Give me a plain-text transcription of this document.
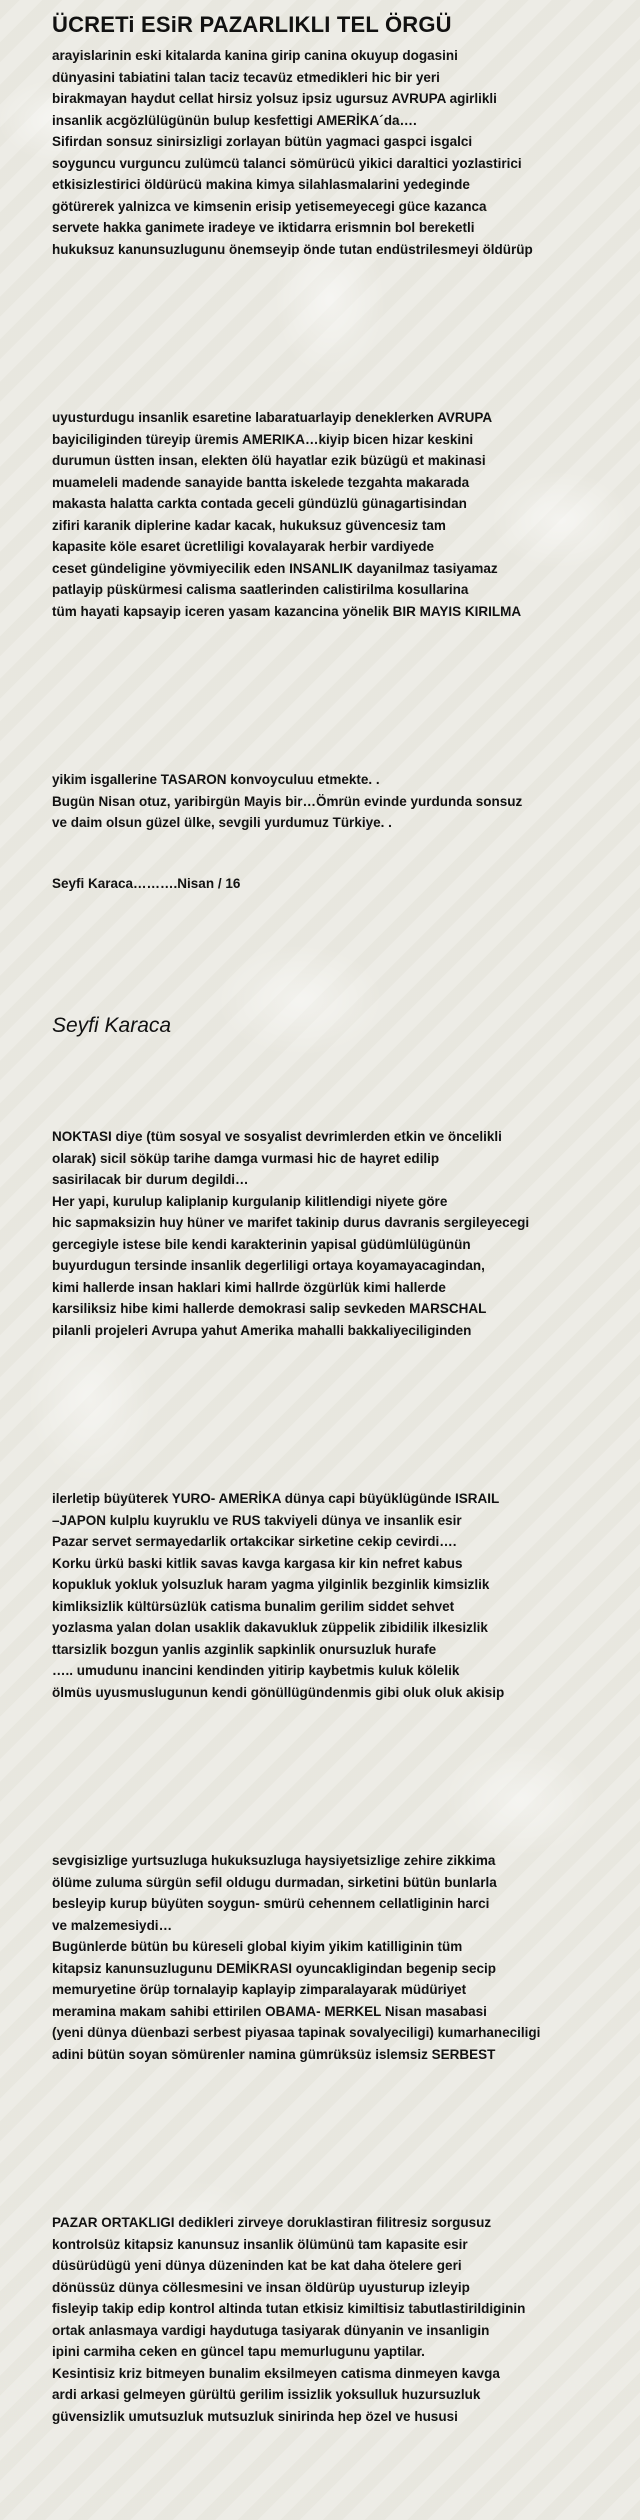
ÜCRETi ESiR PAZARLIKLI TEL ÖRGÜ
arayislarinin eski kitalarda kanina girip canina okuyup dogasini
dünyasini tabiatini talan taciz tecavüz etmedikleri hic bir yeri
birakmayan haydut cellat hirsiz yolsuz ipsiz ugursuz AVRUPA agirlikli
insanlik acgözlülügünün bulup kesfettigi AMERİKA´da….
Sifirdan sonsuz sinirsizligi zorlayan bütün yagmaci gaspci isgalci
soyguncu vurguncu zulümcü talanci sömürücü yikici daraltici yozlastirici
etkisizlestirici öldürücü makina kimya silahlasmalarini yedeginde
götürerek yalnizca ve kimsenin erisip yetisemeyecegi güce kazanca
servete hakka ganimete iradeye ve iktidarra erismnin bol bereketli
hukuksuz kanunsuzlugunu önemseyip önde tutan endüstrilesmeyi öldürüp
uyusturdugu insanlik esaretine labaratuarlayip deneklerken AVRUPA
bayiciliginden türeyip üremis AMERIKA…kiyip bicen hizar keskini
durumun üstten insan, elekten ölü hayatlar ezik büzügü et makinasi
muameleli madende sanayide bantta iskelede tezgahta makarada
makasta halatta carkta contada geceli gündüzlü günagartisindan
zifiri karanik diplerine kadar kacak, hukuksuz güvencesiz tam
kapasite köle esaret ücretliligi kovalayarak herbir vardiyede
ceset gündeligine yövmiyecilik eden INSANLIK dayanilmaz tasiyamaz
patlayip püskürmesi calisma saatlerinden calistirilma kosullarina
tüm hayati kapsayip iceren yasam kazancina yönelik BIR MAYIS KIRILMA
yikim isgallerine TASARON konvoyculuu etmekte. .
Bugün Nisan otuz, yaribirgün Mayis bir…Ömrün evinde yurdunda sonsuz
ve daim olsun güzel ülke, sevgili yurdumuz Türkiye. .
Seyfi Karaca……….Nisan / 16
Seyfi Karaca
NOKTASI diye (tüm sosyal ve sosyalist devrimlerden etkin ve öncelikli
olarak) sicil söküp tarihe damga vurmasi hic de hayret edilip
sasirilacak bir durum degildi…
Her yapi, kurulup kaliplanip kurgulanip kilitlendigi niyete göre
hic sapmaksizin huy hüner ve marifet takinip durus davranis sergileyecegi
gercegiyle istese bile kendi karakterinin yapisal güdümlülügünün
buyurdugun tersinde insanlik degerliligi ortaya koyamayacagindan,
kimi hallerde insan haklari kimi hallrde özgürlük kimi hallerde
karsiliksiz hibe kimi hallerde demokrasi salip sevkeden MARSCHAL
pilanli projeleri Avrupa yahut Amerika mahalli bakkaliyeciliginden
ilerletip büyüterek YURO- AMERİKA dünya capi büyüklügünde ISRAIL
–JAPON kulplu kuyruklu ve RUS takviyeli dünya ve insanlik esir
Pazar servet sermayedarlik ortakcikar sirketine cekip cevirdi….
Korku ürkü baski kitlik savas kavga kargasa kir kin nefret kabus
kopukluk yokluk yolsuzluk haram yagma yilginlik bezginlik kimsizlik
kimliksizlik kültürsüzlük catisma bunalim gerilim siddet sehvet
yozlasma yalan dolan usaklik dakavukluk züppelik zibidilik ilkesizlik
ttarsizlik bozgun yanlis azginlik sapkinlik onursuzluk hurafe
….. umudunu inancini kendinden yitirip kaybetmis kuluk kölelik
ölmüs uyusmuslugunun kendi gönüllügündenmis gibi oluk oluk akisip
sevgisizlige yurtsuzluga hukuksuzluga haysiyetsizlige zehire zikkima
ölüme zuluma sürgün sefil oldugu durmadan, sirketini bütün bunlarla
besleyip kurup büyüten soygun- smürü cehennem cellatliginin harci
ve malzemesiydi…
Bugünlerde bütün bu küreseli global kiyim yikim katilliginin tüm
kitapsiz kanunsuzlugunu DEMİKRASI oyuncakligindan begenip secip
memuryetine örüp tornalayip kaplayip zimparalayarak müdüriyet
meramina makam sahibi ettirilen OBAMA- MERKEL Nisan masabasi
(yeni dünya düenbazi serbest piyasaa tapinak sovalyeciligi) kumarhaneciligi
adini bütün soyan sömürenler namina gümrüksüz islemsiz SERBEST
PAZAR ORTAKLIGI dedikleri zirveye doruklastiran filitresiz sorgusuz
kontrolsüz kitapsiz kanunsuz insanlik ölümünü tam kapasite esir
düsürüdügü yeni dünya düzeninden kat be kat daha ötelere geri
dönüssüz dünya cöllesmesini ve insan öldürüp uyusturup izleyip
fisleyip takip edip kontrol altinda tutan etkisiz kimiltisiz tabutlastirildiginin
ortak anlasmaya vardigi haydutuga tasiyarak dünyanin ve insanligin
ipini carmiha ceken en güncel tapu memurlugunu yaptilar.
Kesintisiz kriz bitmeyen bunalim eksilmeyen catisma dinmeyen kavga
ardi arkasi gelmeyen gürültü gerilim issizlik yoksulluk huzursuzluk
güvensizlik umutsuzluk mutsuzluk sinirinda hep özel ve hususi
